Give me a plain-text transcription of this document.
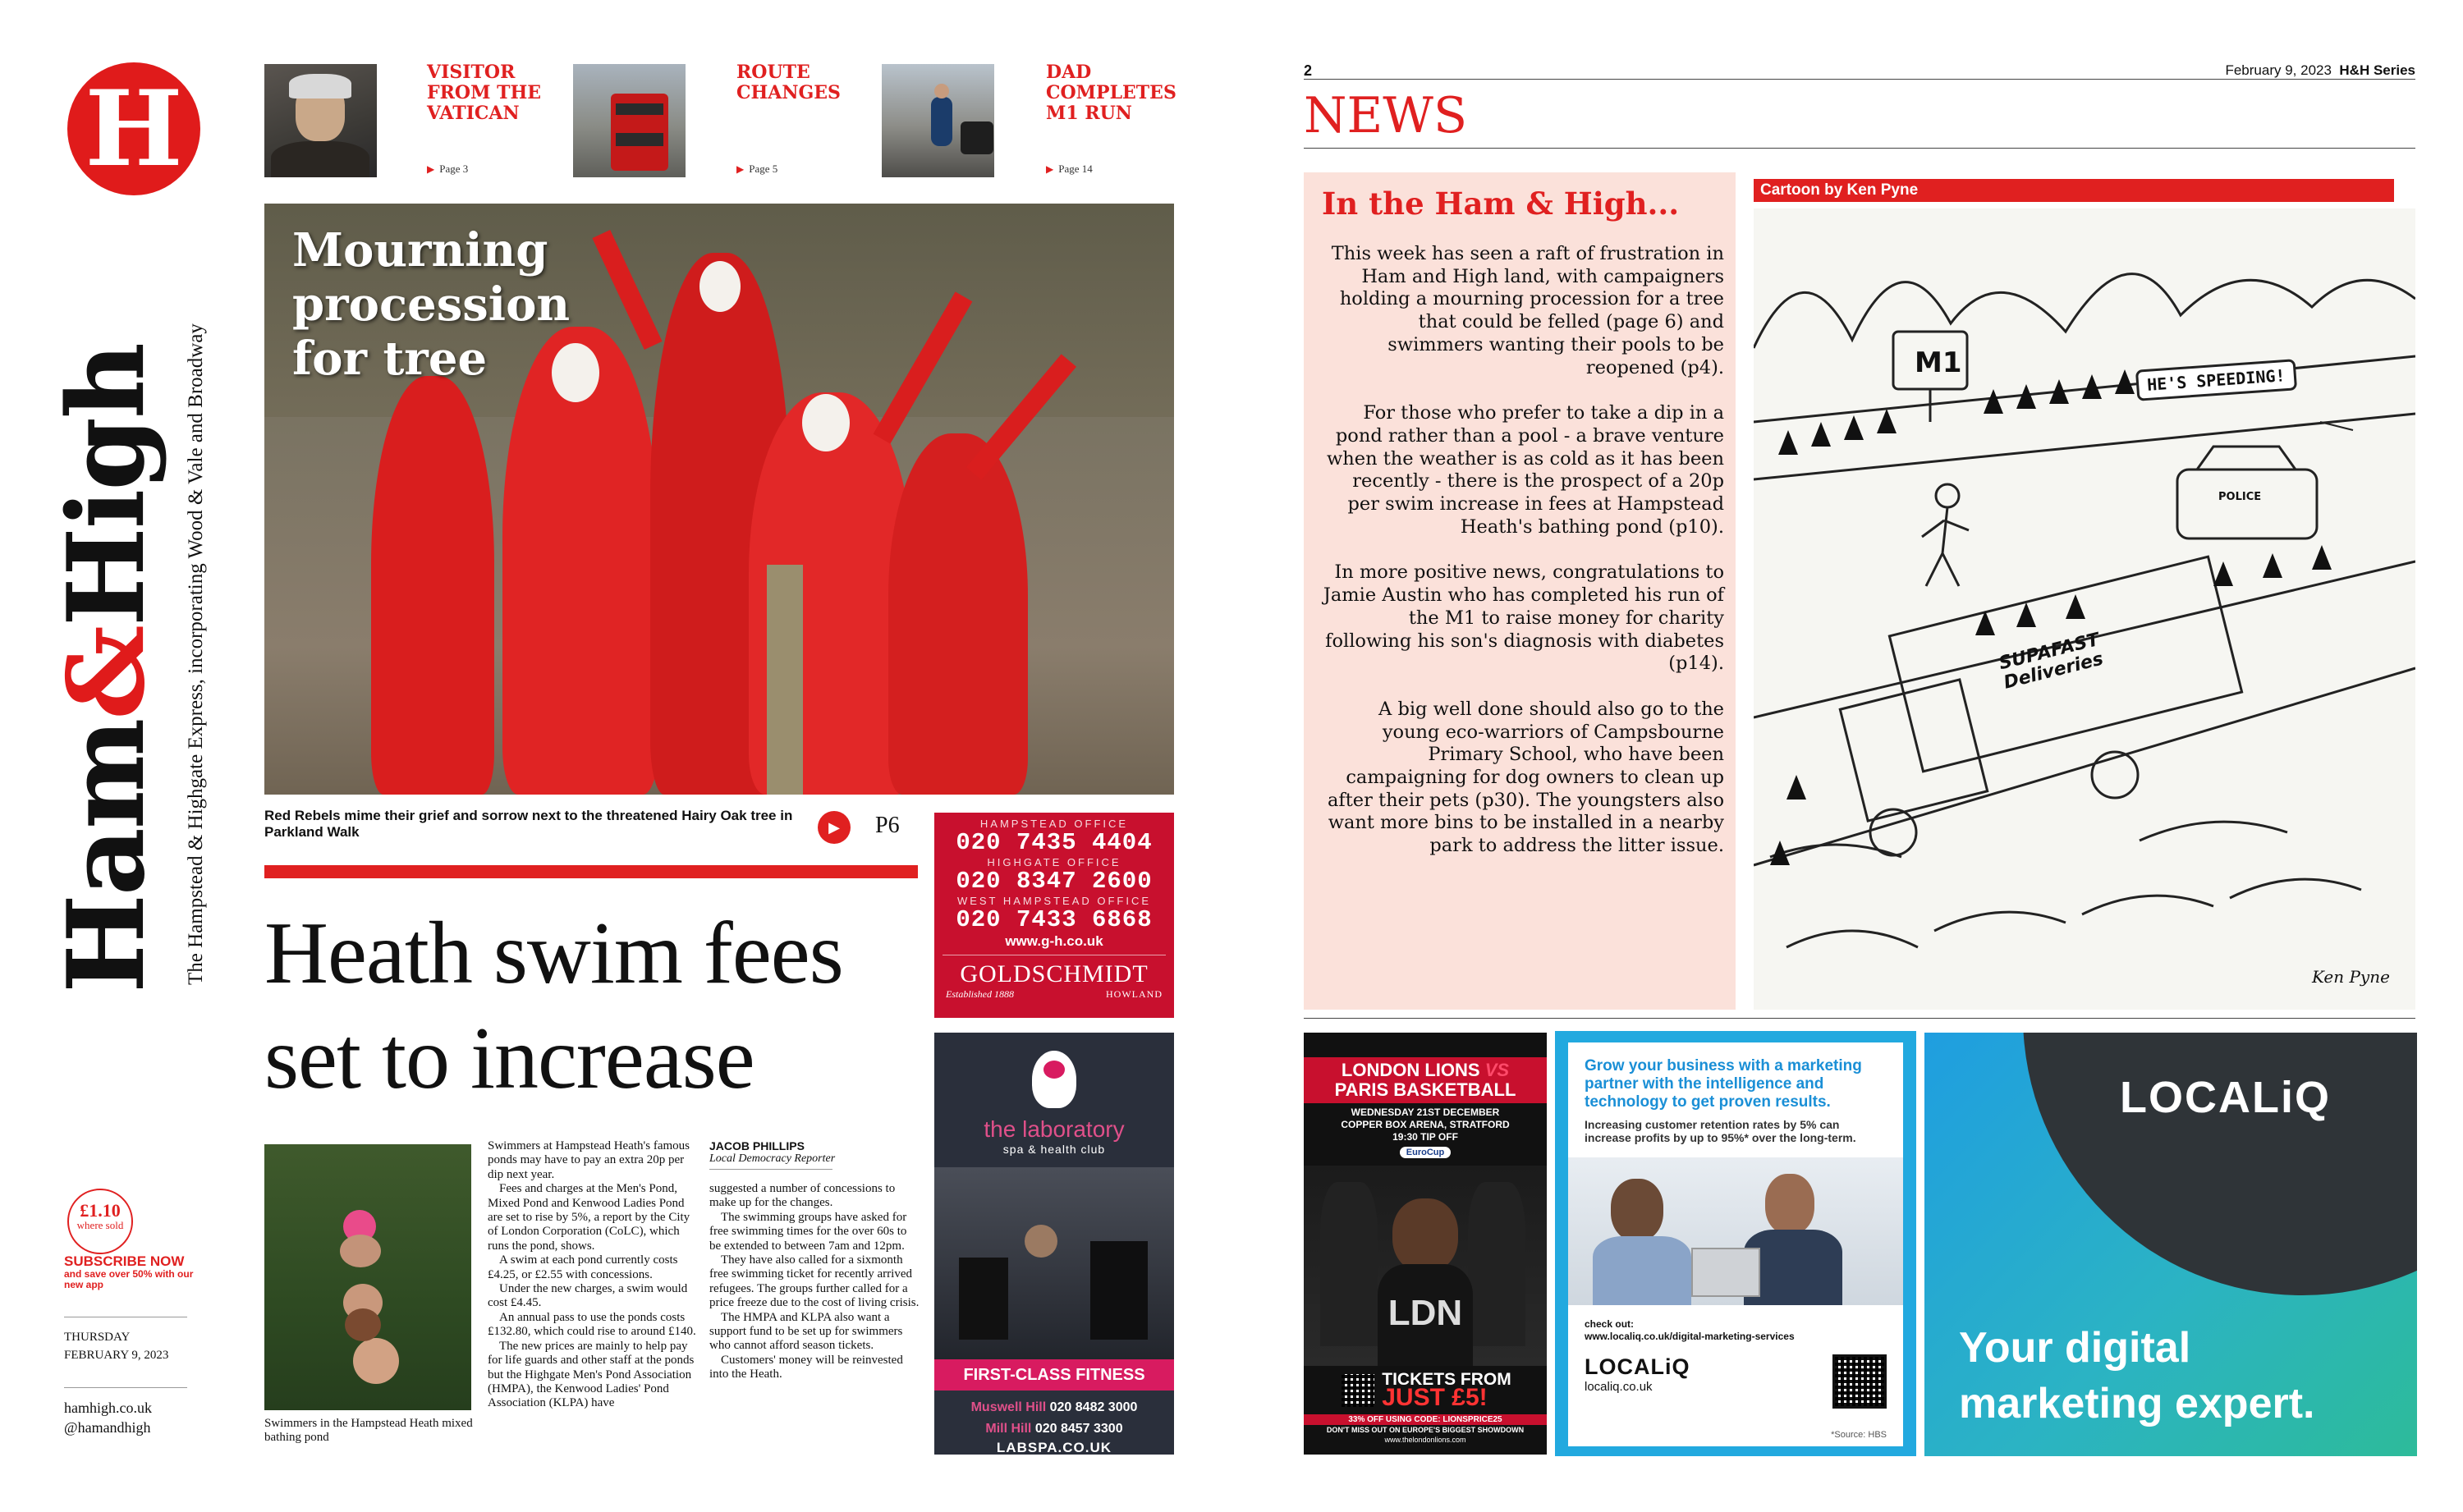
H
Ham&High The Hampstead & Highgate Express, incorporating Wood & Vale and Broadway
£1.10
where sold
SUBSCRIBE NOW
and save over 50% with our new app
THURSDAY
FEBRUARY 9, 2023
hamhigh.co.uk
@hamandhigh
VISITOR FROM THE VATICAN
▶ Page 3
ROUTE CHANGES
▶ Page 5
DAD COMPLETES M1 RUN
▶ Page 14
Mourning procession for tree
Red Rebels mime their grief and sorrow next to the threatened Hairy Oak tree in Parkland Walk	▶	P6
Heath swim fees set to increase
Swimmers in the Hampstead Heath mixed bathing pond

Swimmers at Hampstead Heath's famous ponds may have to pay an extra 20p per dip next year.

Fees and charges at the Men's Pond, Mixed Pond and Kenwood Ladies Pond are set to rise by 5%, a report by the City of London Corporation (CoLC), which runs the pond, shows.

A swim at each pond currently costs £4.25, or £2.55 with concessions.

Under the new charges, a swim would cost £4.45.

An annual pass to use the ponds costs £132.80, which could rise to around £140.

The new prices are mainly to help pay for life guards and other staff at the ponds but the Highgate Men's Pond Association (HMPA), the Kenwood Ladies' Pond Association (KLPA) have

JACOB PHILLIPS
Local Democracy Reporter

suggested a number of concessions to make up for the changes.

The swimming groups have asked for free swimming times for the over 60s to be extended to between 7am and 12pm.

They have also called for a sixmonth free swimming ticket for recently arrived refugees. The groups further called for a price freeze due to the cost of living crisis.

The HMPA and KLPA also want a support fund to be set up for swimmers who cannot afford season tickets.

Customers' money will be reinvested into the Heath.

HAMPSTEAD OFFICE
020 7435 4404
HIGHGATE OFFICE
020 8347 2600
WEST HAMPSTEAD OFFICE
020 7433 6868
www.g-h.co.uk
GOLDSCHMIDT
Established 1888	HOWLAND
the laboratory
spa & health club
FIRST-CLASS FITNESS
Muswell Hill 020 8482 3000
Mill Hill 020 8457 3300
LABSPA.CO.UK
2	February 9, 2023 H&H Series
NEWS
In the Ham & High...

This week has seen a raft of frustration in Ham and High land, with campaigners holding a mourning procession for a tree that could be felled (page 6) and swimmers wanting their pools to be reopened (p4).

For those who prefer to take a dip in a pond rather than a pool - a brave venture when the weather is as cold as it has been recently - there is the prospect of a 20p per swim increase in fees at Hampstead Heath's bathing pond (p10).

In more positive news, congratulations to Jamie Austin who has completed his run of the M1 to raise money for charity following his son's diagnosis with diabetes (p14).

A big well done should also go to the young eco-warriors of Campsbourne Primary School, who have been campaigning for dog owners to clean up after their pets (p30). The youngsters also want more bins to be installed in a nearby park to address the litter issue.

Cartoon by Ken Pyne
HE'S SPEEDING!
M1
POLICE
SUPAFAST Deliveries
Ken Pyne
LONDON LIONS VS
PARIS BASKETBALL
WEDNESDAY 21ST DECEMBER
COPPER BOX ARENA, STRATFORD
19:30 TIP OFF
EuroCup
LDN
TICKETS FROM
JUST £5!
33% OFF USING CODE: LIONSPRICE25
DON'T MISS OUT ON EUROPE'S BIGGEST SHOWDOWN
www.thelondonlions.com
Grow your business with a marketing partner with the intelligence and technology to get proven results.
Increasing customer retention rates by 5% can increase profits by up to 95%* over the long-term.
check out:
www.localiq.co.uk/digital-marketing-services
LOCALiQ
localiq.co.uk
*Source: HBS
LOCALiQ
Your digital marketing expert.
